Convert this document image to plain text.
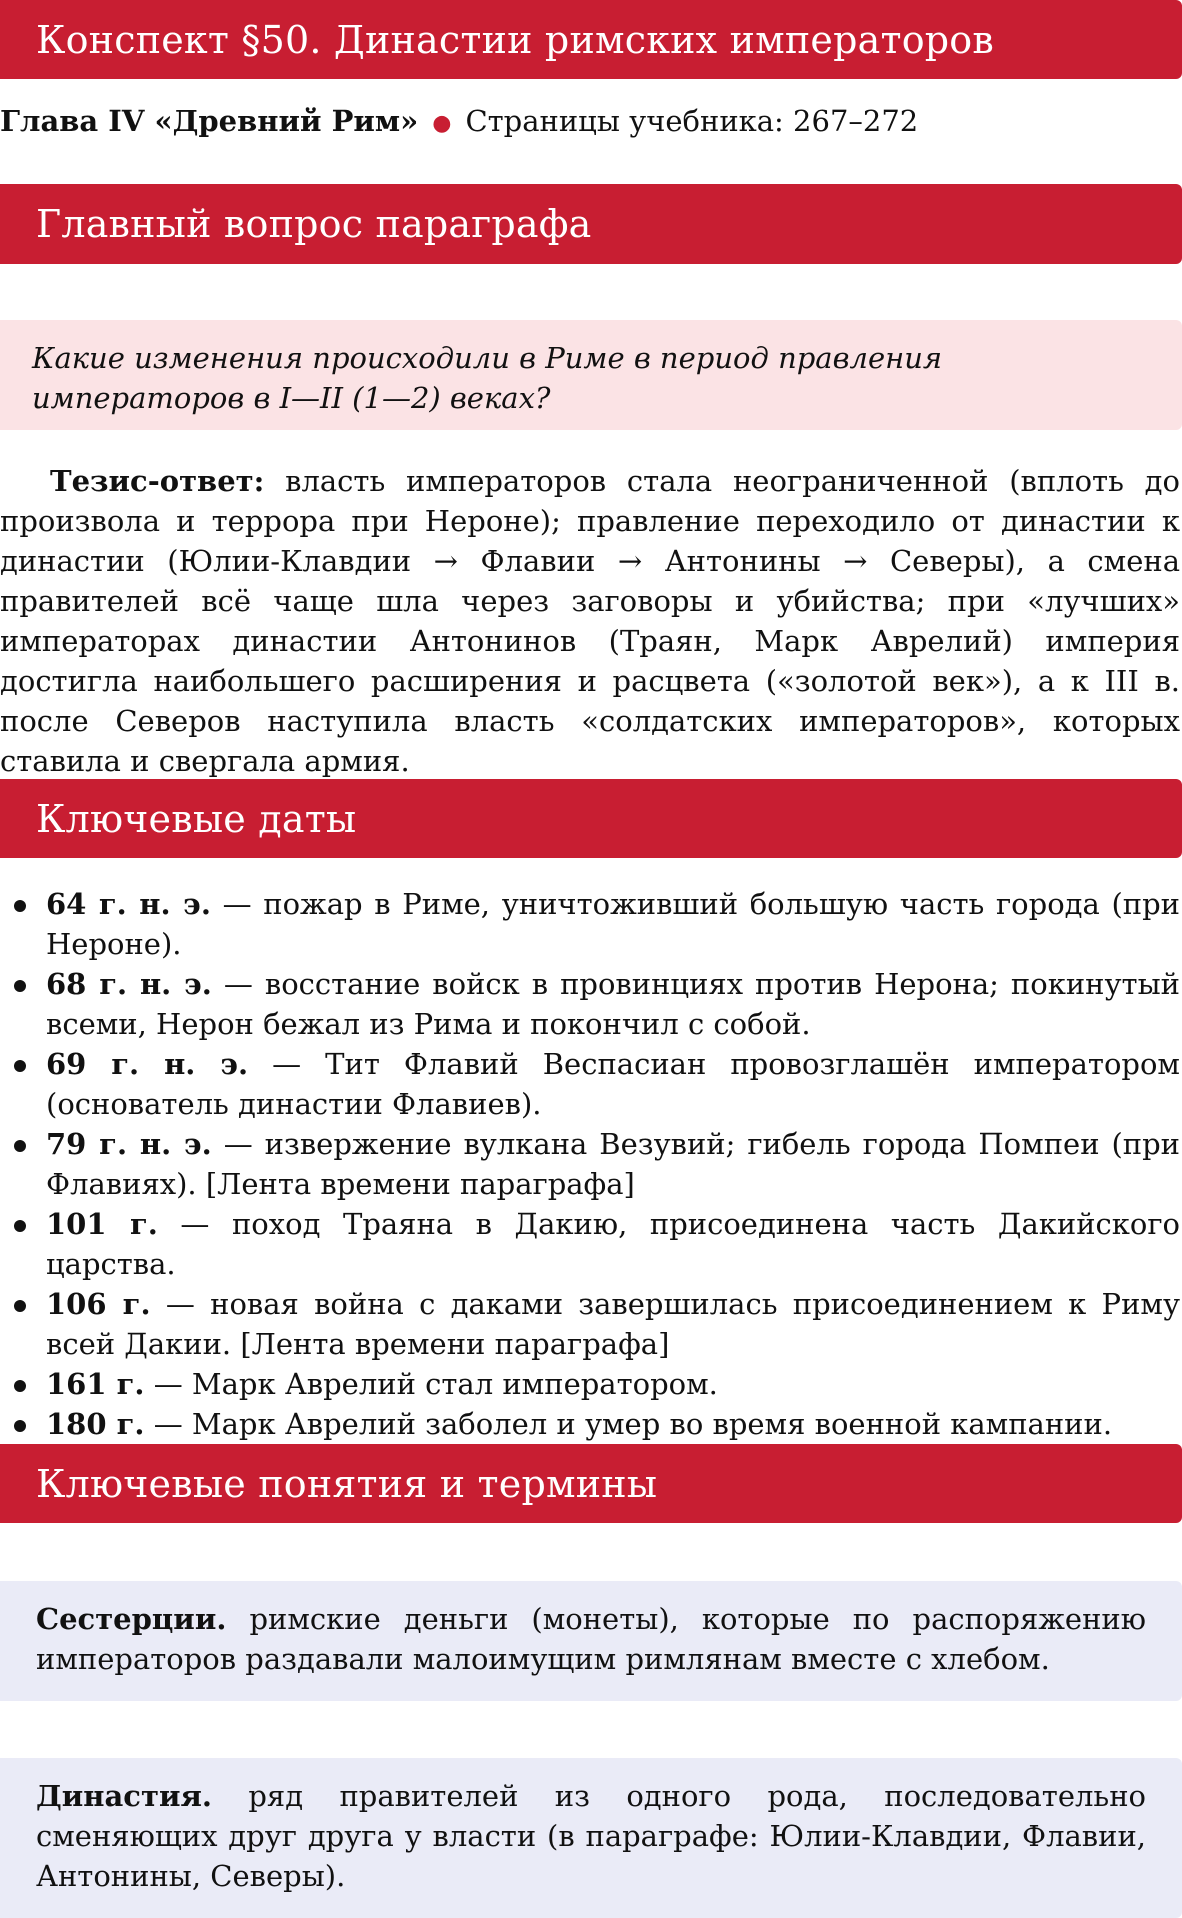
Конспект §50. Династии римских императоров
Глава IV «Древний Рим» ● Страницы учебника: 267–272
Главный вопрос параграфа
Какие изменения происходили в Риме в период правления императоров в I—II (1—2) веках?
Тезис-ответ: власть императоров стала неограниченной (вплоть до произвола и террора при Нероне); правление переходило от династии к династии (Юлии-Клавдии → Флавии → Антонины → Северы), а смена правителей всё чаще шла через заговоры и убийства; при «лучших» императорах династии Антонинов (Траян, Марк Аврелий) империя достигла наибольшего расширения и расцвета («золотой век»), а к III в. после Северов наступила власть «солдатских императоров», которых ставила и свергала армия.
Ключевые даты
64 г. н. э. — пожар в Риме, уничтоживший большую часть города (при Нероне).
68 г. н. э. — восстание войск в провинциях против Нерона; покинутый всеми, Нерон бежал из Рима и покончил с собой.
69 г. н. э. — Тит Флавий Веспасиан провозглашён императором (основатель династии Флавиев).
79 г. н. э. — извержение вулкана Везувий; гибель города Помпеи (при Флавиях). [Лента времени параграфа]
101 г. — поход Траяна в Дакию, присоединена часть Дакийского царства.
106 г. — новая война с даками завершилась присоединением к Риму всей Дакии. [Лента времени параграфа]
161 г. — Марк Аврелий стал императором.
180 г. — Марк Аврелий заболел и умер во время военной кампании.
Ключевые понятия и термины
Сестерции. римские деньги (монеты), которые по распоряжению императоров раздавали малоимущим римлянам вместе с хлебом.
Династия. ряд правителей из одного рода, последовательно сменяющих друг друга у власти (в параграфе: Юлии-Клавдии, Флавии, Антонины, Северы).
